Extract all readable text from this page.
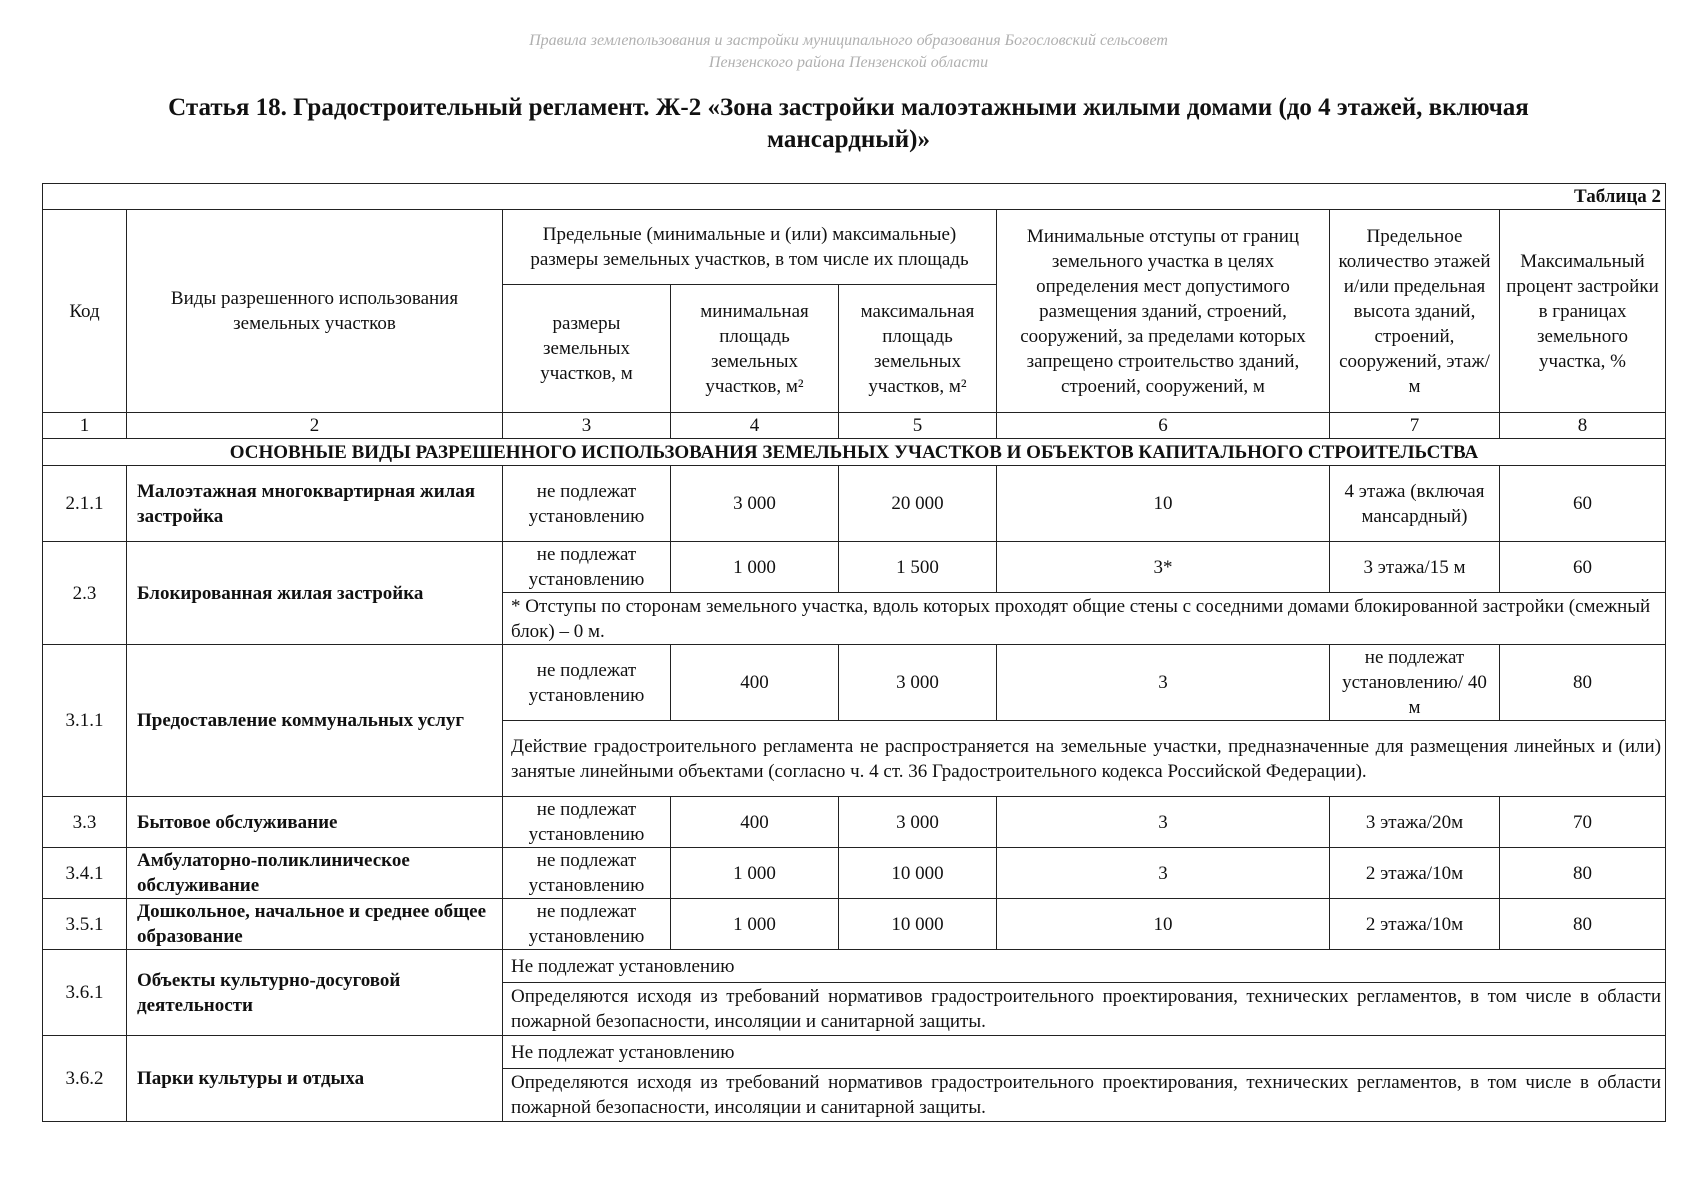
Правила землепользования и застройки муниципального образования Богословский сельсовет
Пензенского района Пензенской области
Статья 18. Градостроительный регламент. Ж-2 «Зона застройки малоэтажными жилыми домами (до 4 этажей, включая мансардный)»
Таблица 2							
Код	Виды разрешенного использования земельных участков	Предельные (минимальные и (или) максимальные) размеры земельных участков, в том числе их площадь			Минимальные отступы от границ земельного участка в целях определения мест допустимого размещения зданий, строений, сооружений, за пределами которых запрещено строительство зданий, строений, сооружений, м	Предельное количество этажей и/или предельная высота зданий, строений, сооружений, этаж/м	Максимальный процент застройки в границах земельного участка, %
		размеры земельных участков, м	минимальная площадь земельных участков, м²	максимальная площадь земельных участков, м²			
1	2	3	4	5	6	7	8
ОСНОВНЫЕ ВИДЫ РАЗРЕШЕННОГО ИСПОЛЬЗОВАНИЯ ЗЕМЕЛЬНЫХ УЧАСТКОВ И ОБЪЕКТОВ КАПИТАЛЬНОГО СТРОИТЕЛЬСТВА							
2.1.1	Малоэтажная многоквартирная жилая застройка	не подлежат установлению	3 000	20 000	10	4 этажа (включая мансардный)	60
2.3	Блокированная жилая застройка	не подлежат установлению	1 000	1 500	3*	3 этажа/15 м	60
		* Отступы по сторонам земельного участка, вдоль которых проходят общие стены с соседними домами блокированной застройки (смежный блок) – 0 м.					
3.1.1	Предоставление коммунальных услуг	не подлежат установлению	400	3 000	3	не подлежат установлению/ 40 м	80
		Действие градостроительного регламента не распространяется на земельные участки, предназначенные для размещения линейных и (или) занятые линейными объектами (согласно ч. 4 ст. 36 Градостроительного кодекса Российской Федерации).					
3.3	Бытовое обслуживание	не подлежат установлению	400	3 000	3	3 этажа/20м	70
3.4.1	Амбулаторно-поликлиническое обслуживание	не подлежат установлению	1 000	10 000	3	2 этажа/10м	80
3.5.1	Дошкольное, начальное и среднее общее образование	не подлежат установлению	1 000	10 000	10	2 этажа/10м	80
3.6.1	Объекты культурно-досуговой деятельности	Не подлежат установлению					
		Определяются исходя из требований нормативов градостроительного проектирования, технических регламентов, в том числе в области пожарной безопасности, инсоляции и санитарной защиты.					
3.6.2	Парки культуры и отдыха	Не подлежат установлению					
		Определяются исходя из требований нормативов градостроительного проектирования, технических регламентов, в том числе в области пожарной безопасности, инсоляции и санитарной защиты.					
